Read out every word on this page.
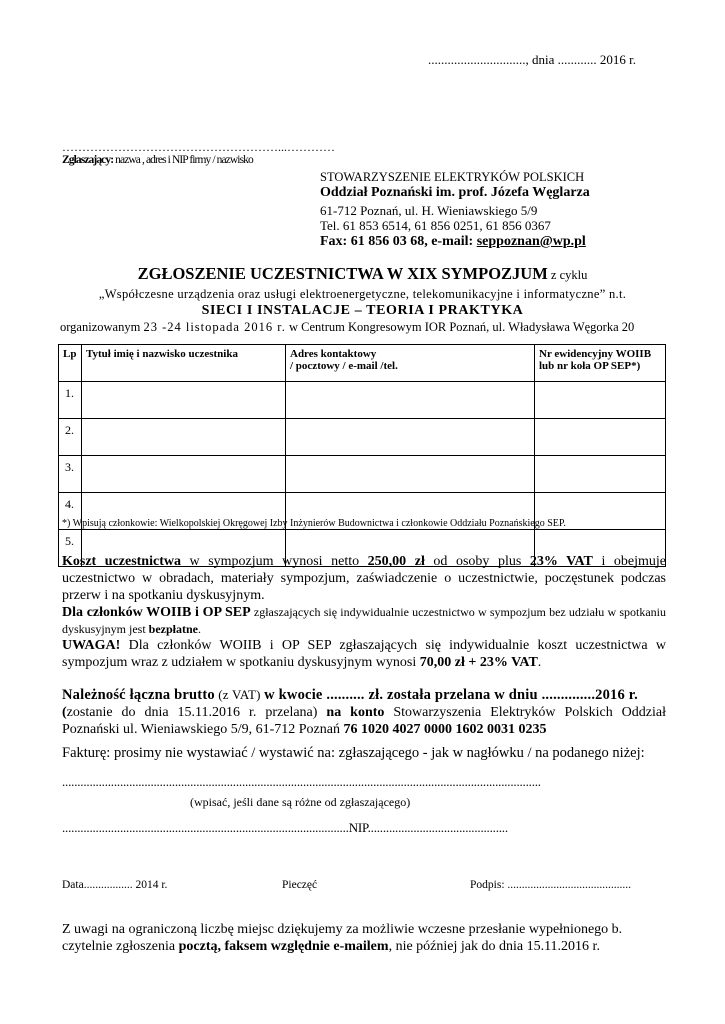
.............................., dnia ............ 2016 r.
………………………………………………...…………
Zgłaszający: nazwa , adres i NIP firmy / nazwisko
STOWARZYSZENIE ELEKTRYKÓW POLSKICH
Oddział Poznański im. prof. Józefa Węglarza
61-712 Poznań, ul. H. Wieniawskiego 5/9
Tel. 61 853 6514, 61 856 0251, 61 856 0367
Fax: 61 856 03 68, e-mail: seppoznan@wp.pl
ZGŁOSZENIE UCZESTNICTWA W XIX SYMPOZJUM z cyklu
„Współczesne urządzenia oraz usługi elektroenergetyczne, telekomunikacyjne i informatyczne” n.t.
SIECI I INSTALACJE – TEORIA I PRAKTYKA
organizowanym 23 -24 listopada 2016 r. w Centrum Kongresowym IOR Poznań, ul. Władysława Węgorka 20
Lp	Tytuł imię i nazwisko uczestnika	Adres kontaktowy
/ pocztowy / e-mail /tel.	Nr ewidencyjny WOIIB
lub nr koła OP SEP*)
1.			
2.			
3.			
4.			
5.			
*) Wpisują członkowie: Wielkopolskiej Okręgowej Izby Inżynierów Budownictwa i członkowie Oddziału Poznańskiego SEP.
Koszt uczestnictwa w sympozjum wynosi netto 250,00 zł od osoby plus 23% VAT i obejmuje uczestnictwo w obradach, materiały sympozjum, zaświadczenie o uczestnictwie, poczęstunek podczas przerw i na spotkaniu dyskusyjnym.
Dla członków WOIIB i OP SEP zgłaszających się indywidualnie uczestnictwo w sympozjum bez udziału w spotkaniu dyskusyjnym jest bezpłatne.
UWAGA! Dla członków WOIIB i OP SEP zgłaszających się indywidualnie koszt uczestnictwa w sympozjum wraz z udziałem w spotkaniu dyskusyjnym wynosi 70,00 zł + 23% VAT.
Należność łączna brutto (z VAT) w kwocie .......... zł. została przelana w dniu ..............2016 r.
(zostanie do dnia 15.11.2016 r. przelana) na konto Stowarzyszenia Elektryków Polskich Oddział Poznański ul. Wieniawskiego 5/9, 61-712 Poznań 76 1020 4027 0000 1602 0031 0235
Fakturę: prosimy nie wystawiać / wystawić na: zgłaszającego - jak w nagłówku / na podanego niżej:
.............................................................................................................................................................
(wpisać, jeśli dane są różne od zgłaszającego)
..............................................................................................NIP..............................................
Data................. 2014 r.	Pieczęć	Podpis: ...........................................
Z uwagi na ograniczoną liczbę miejsc dziękujemy za możliwie wczesne przesłanie wypełnionego b. czytelnie zgłoszenia pocztą, faksem względnie e-mailem, nie później jak do dnia 15.11.2016 r.
